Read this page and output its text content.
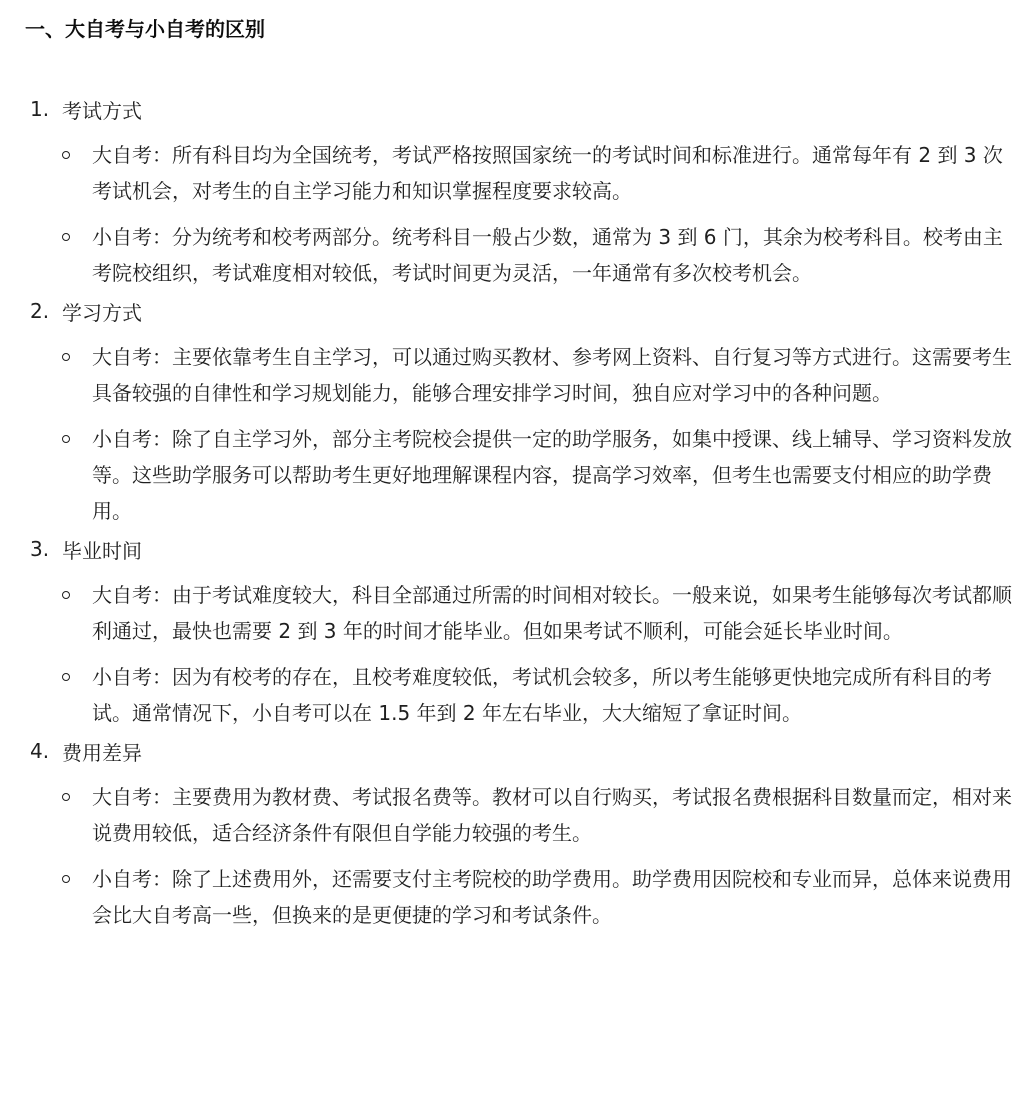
一、大自考与小自考的区别
1. 考试方式
大自考：所有科目均为全国统考，考试严格按照国家统一的考试时间和标准进行。通常每年有 2 到 3 次考试机会，对考生的自主学习能力和知识掌握程度要求较高。
小自考：分为统考和校考两部分。统考科目一般占少数，通常为 3 到 6 门，其余为校考科目。校考由主考院校组织，考试难度相对较低，考试时间更为灵活，一年通常有多次校考机会。
2. 学习方式
大自考：主要依靠考生自主学习，可以通过购买教材、参考网上资料、自行复习等方式进行。这需要考生具备较强的自律性和学习规划能力，能够合理安排学习时间，独自应对学习中的各种问题。
小自考：除了自主学习外，部分主考院校会提供一定的助学服务，如集中授课、线上辅导、学习资料发放等。这些助学服务可以帮助考生更好地理解课程内容，提高学习效率，但考生也需要支付相应的助学费用。
3. 毕业时间
大自考：由于考试难度较大，科目全部通过所需的时间相对较长。一般来说，如果考生能够每次考试都顺利通过，最快也需要 2 到 3 年的时间才能毕业。但如果考试不顺利，可能会延长毕业时间。
小自考：因为有校考的存在，且校考难度较低，考试机会较多，所以考生能够更快地完成所有科目的考试。通常情况下，小自考可以在 1.5 年到 2 年左右毕业，大大缩短了拿证时间。
4. 费用差异
大自考：主要费用为教材费、考试报名费等。教材可以自行购买，考试报名费根据科目数量而定，相对来说费用较低，适合经济条件有限但自学能力较强的考生。
小自考：除了上述费用外，还需要支付主考院校的助学费用。助学费用因院校和专业而异，总体来说费用会比大自考高一些，但换来的是更便捷的学习和考试条件。
